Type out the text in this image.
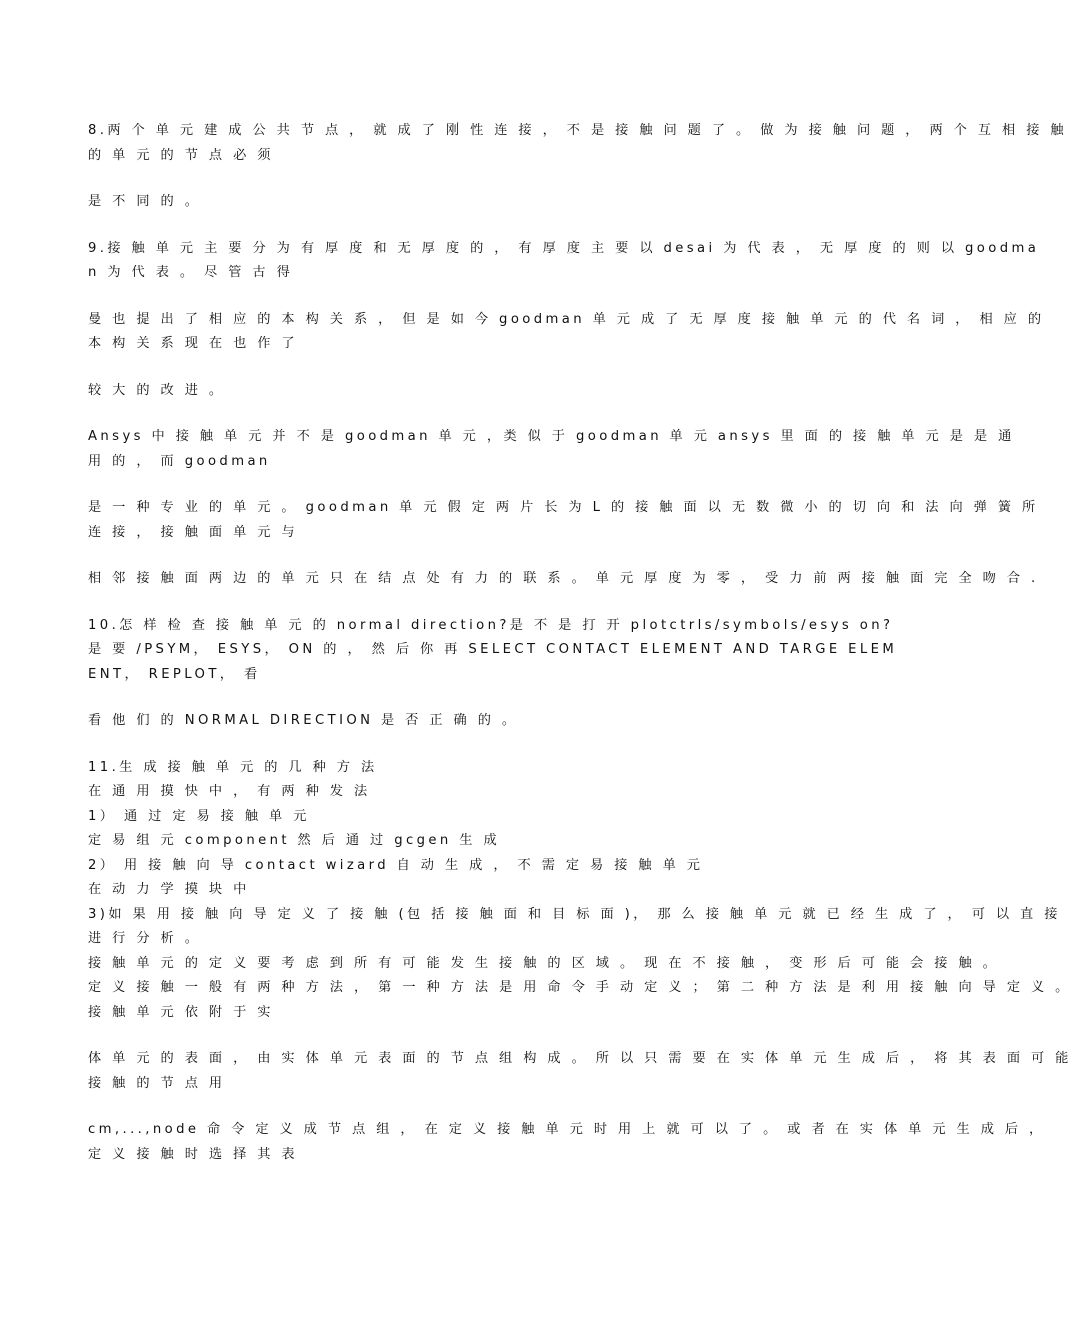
8.两 个 单 元 建 成 公 共 节 点 ， 就 成 了 刚 性 连 接 ， 不 是 接 触 问 题 了 。 做 为 接 触 问 题 ， 两 个 互 相 接 触
的 单 元 的 节 点 必 须
是 不 同 的 。
9.接 触 单 元 主 要 分 为 有 厚 度 和 无 厚 度 的 ， 有 厚 度 主 要 以 desai 为 代 表 ， 无 厚 度 的 则 以 goodma
n 为 代 表 。 尽 管 古 得
曼 也 提 出 了 相 应 的 本 构 关 系 ， 但 是 如 今 goodman 单 元 成 了 无 厚 度 接 触 单 元 的 代 名 词 ， 相 应 的
本 构 关 系 现 在 也 作 了
较 大 的 改 进 。
Ansys 中 接 触 单 元 并 不 是 goodman 单 元 ，类 似 于 goodman 单 元 ansys 里 面 的 接 触 单 元 是 是 通
用 的 ， 而 goodman
是 一 种 专 业 的 单 元 。 goodman 单 元 假 定 两 片 长 为 L 的 接 触 面 以 无 数 微 小 的 切 向 和 法 向 弹 簧 所
连 接 ， 接 触 面 单 元 与
相 邻 接 触 面 两 边 的 单 元 只 在 结 点 处 有 力 的 联 系 。 单 元 厚 度 为 零 ， 受 力 前 两 接 触 面 完 全 吻 合 .
10.怎 样 检 查 接 触 单 元 的 normal direction?是 不 是 打 开 plotctrls/symbols/esys on?
是 要 /PSYM， ESYS， ON 的 ， 然 后 你 再 SELECT CONTACT ELEMENT AND TARGE ELEM
ENT， REPLOT， 看
看 他 们 的 NORMAL DIRECTION 是 否 正 确 的 。
11.生 成 接 触 单 元 的 几 种 方 法
在 通 用 摸 快 中 ， 有 两 种 发 法
1） 通 过 定 易 接 触 单 元
定 易 组 元 component 然 后 通 过 gcgen 生 成
2） 用 接 触 向 导 contact wizard 自 动 生 成 ， 不 需 定 易 接 触 单 元
在 动 力 学 摸 块 中
3)如 果 用 接 触 向 导 定 义 了 接 触 (包 括 接 触 面 和 目 标 面 )， 那 么 接 触 单 元 就 已 经 生 成 了 ， 可 以 直 接
进 行 分 析 。
接 触 单 元 的 定 义 要 考 虑 到 所 有 可 能 发 生 接 触 的 区 域 。 现 在 不 接 触 ， 变 形 后 可 能 会 接 触 。
定 义 接 触 一 般 有 两 种 方 法 ， 第 一 种 方 法 是 用 命 令 手 动 定 义 ； 第 二 种 方 法 是 利 用 接 触 向 导 定 义 。
接 触 单 元 依 附 于 实
体 单 元 的 表 面 ， 由 实 体 单 元 表 面 的 节 点 组 构 成 。 所 以 只 需 要 在 实 体 单 元 生 成 后 ， 将 其 表 面 可 能
接 触 的 节 点 用
cm,...,node 命 令 定 义 成 节 点 组 ， 在 定 义 接 触 单 元 时 用 上 就 可 以 了 。 或 者 在 实 体 单 元 生 成 后 ，
定 义 接 触 时 选 择 其 表
